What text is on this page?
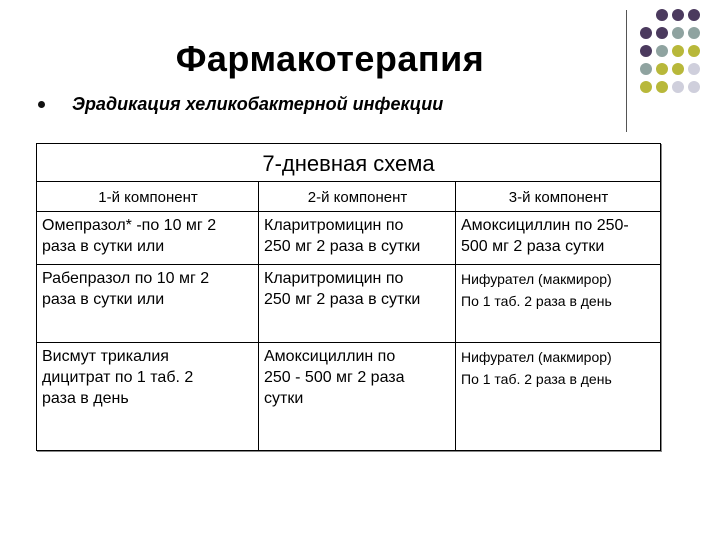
Фармакотерапия
Эрадикация хеликобактерной инфекции
7-дневная схема
1-й компонент	2-й компонент	3-й компонент
Омепразол* -по 10 мг 2
раза в сутки или
Кларитромицин по
250 мг 2 раза в сутки
Амоксициллин по 250-
500 мг 2 раза сутки
Рабепразол по 10 мг 2
раза в сутки или
Кларитромицин по
250 мг 2 раза в сутки
Нифурател (макмирор)
По 1 таб. 2 раза в день
Висмут трикалия
дицитрат по 1 таб. 2
раза в день
Амоксициллин по
250 - 500 мг 2 раза
сутки
Нифурател (макмирор)
По 1 таб. 2 раза в день
